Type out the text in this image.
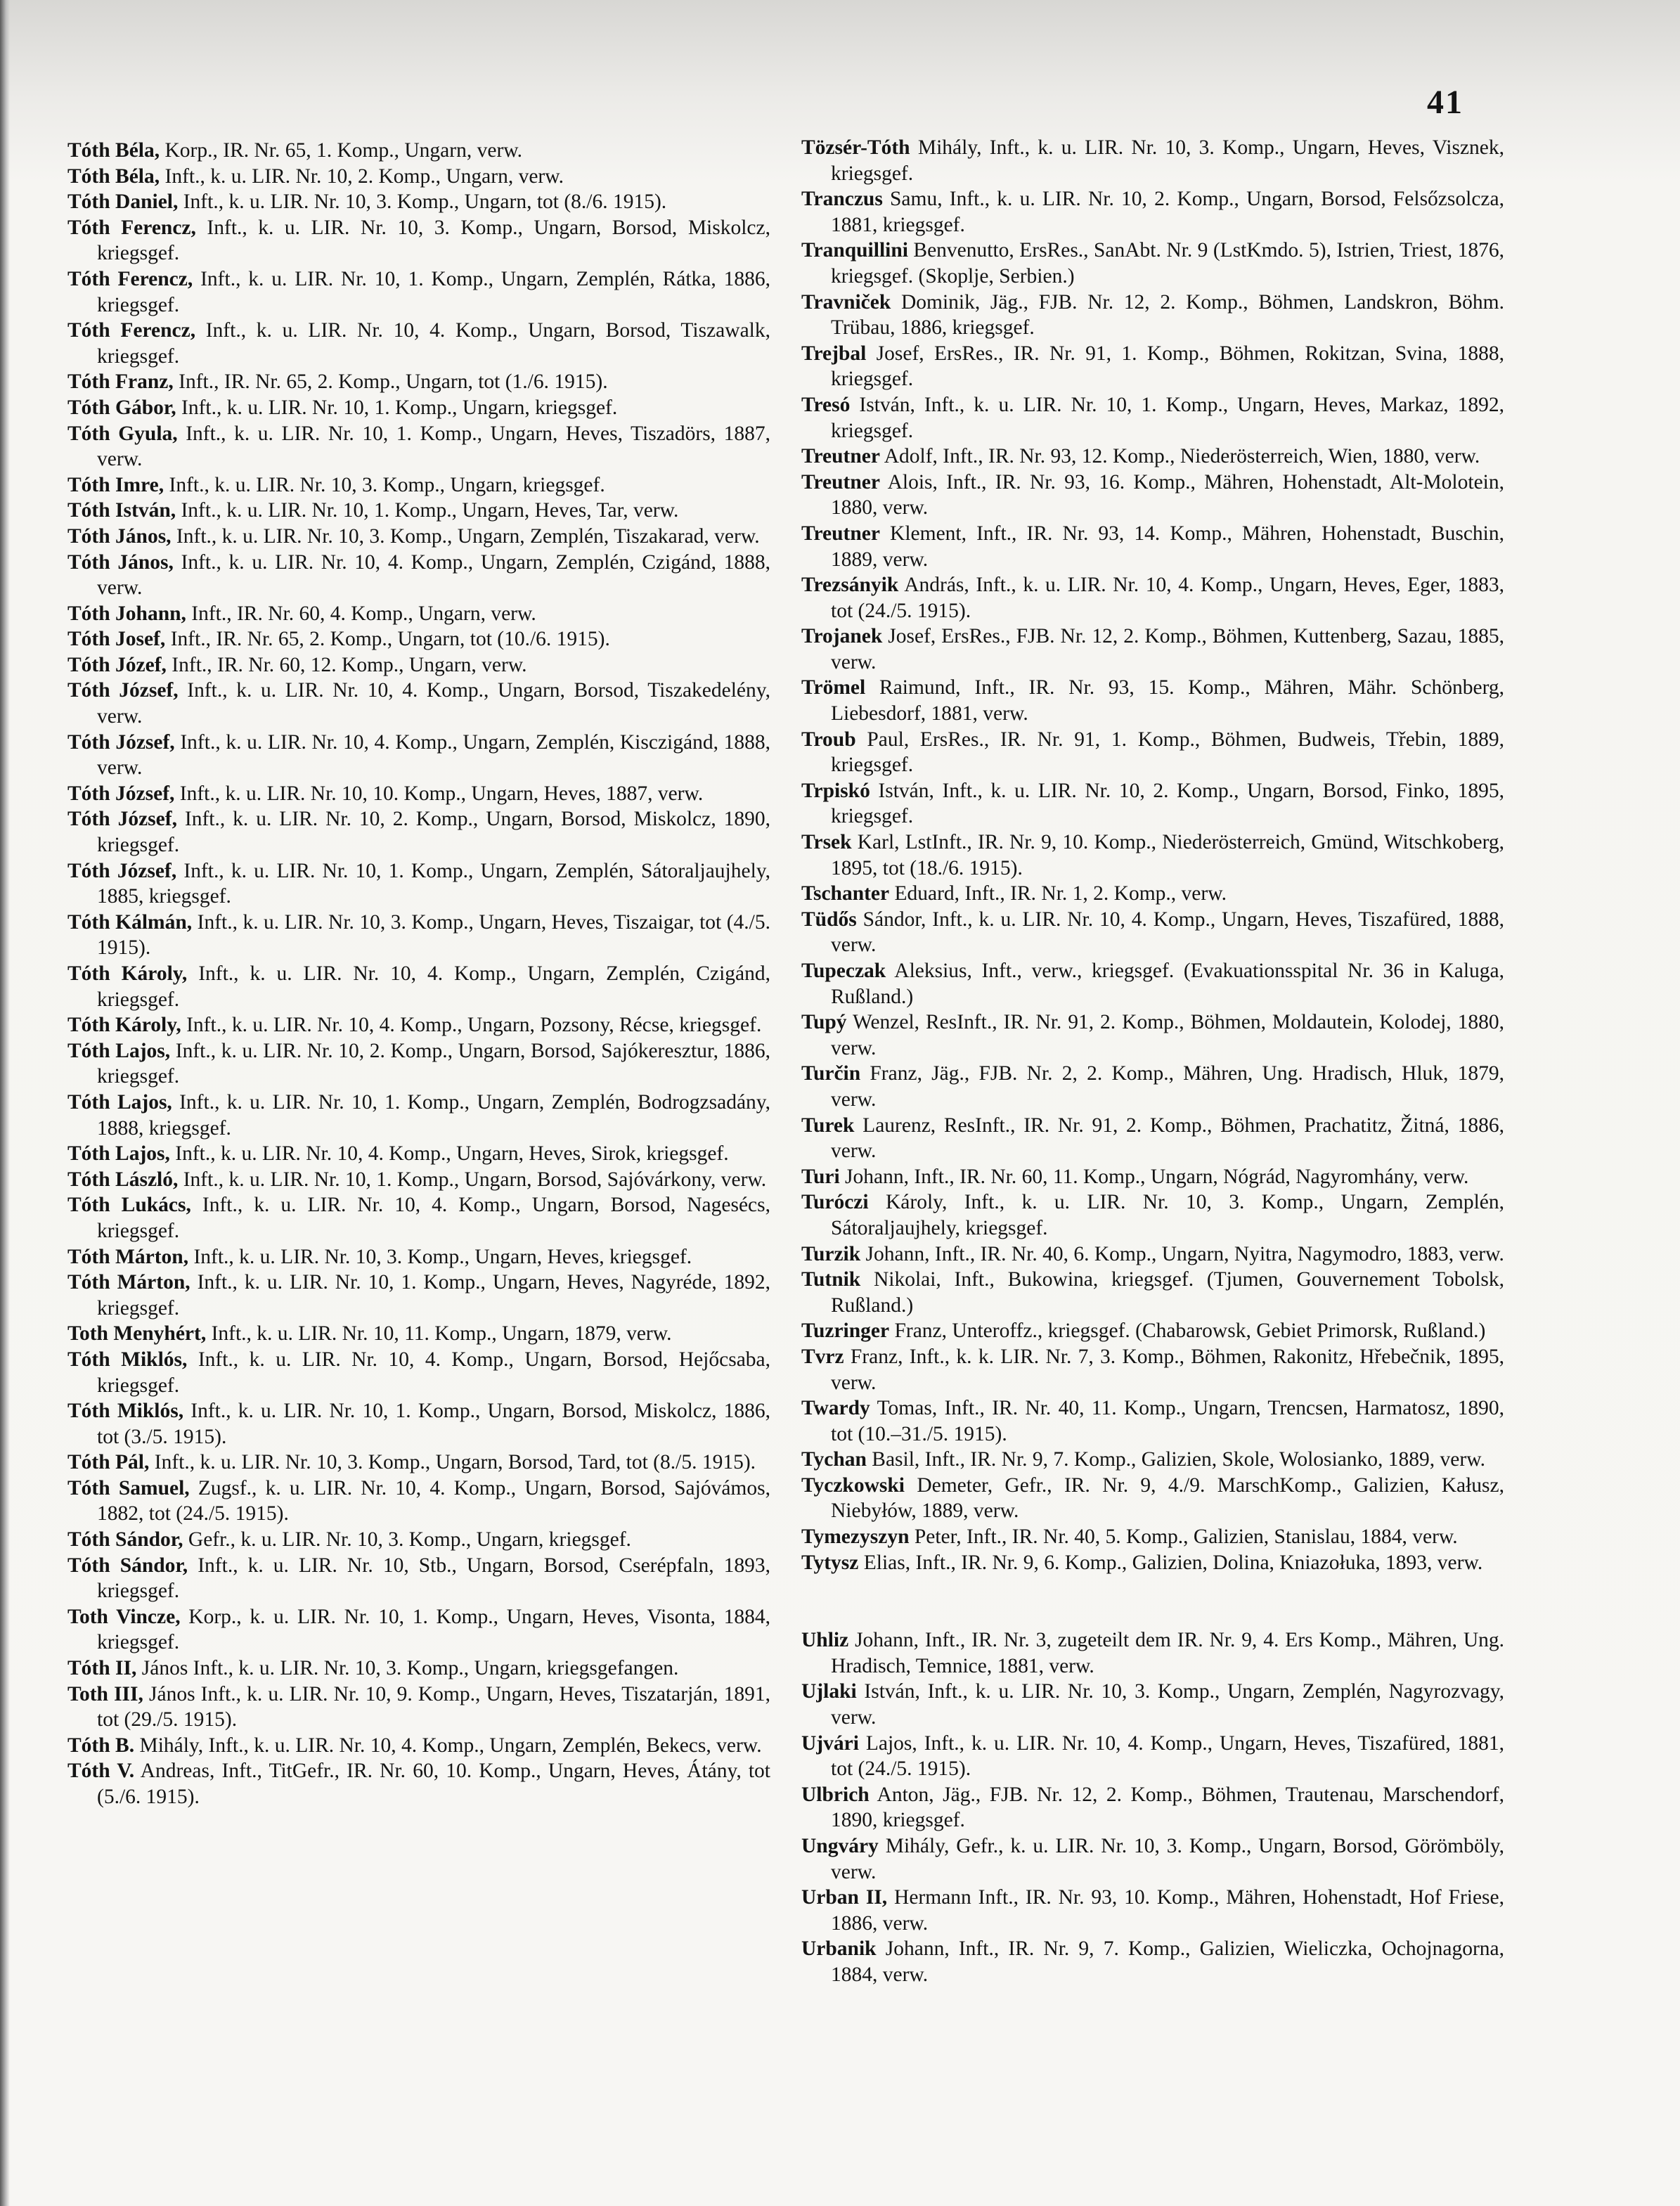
41

Tóth Béla, Korp., IR. Nr. 65, 1. Komp., Ungarn, verw.

Tóth Béla, Inft., k. u. LIR. Nr. 10, 2. Komp., Ungarn, verw.

Tóth Daniel, Inft., k. u. LIR. Nr. 10, 3. Komp., Ungarn, tot (8./6. 1915).

Tóth Ferencz, Inft., k. u. LIR. Nr. 10, 3. Komp., Ungarn, Borsod, Miskolcz, kriegsgef.

Tóth Ferencz, Inft., k. u. LIR. Nr. 10, 1. Komp., Ungarn, Zemplén, Rátka, 1886, kriegsgef.

Tóth Ferencz, Inft., k. u. LIR. Nr. 10, 4. Komp., Ungarn, Borsod, Tiszawalk, kriegsgef.

Tóth Franz, Inft., IR. Nr. 65, 2. Komp., Ungarn, tot (1./6. 1915).

Tóth Gábor, Inft., k. u. LIR. Nr. 10, 1. Komp., Ungarn, kriegsgef.

Tóth Gyula, Inft., k. u. LIR. Nr. 10, 1. Komp., Ungarn, Heves, Tiszadörs, 1887, verw.

Tóth Imre, Inft., k. u. LIR. Nr. 10, 3. Komp., Ungarn, kriegsgef.

Tóth István, Inft., k. u. LIR. Nr. 10, 1. Komp., Ungarn, Heves, Tar, verw.

Tóth János, Inft., k. u. LIR. Nr. 10, 3. Komp., Ungarn, Zemplén, Tiszakarad, verw.

Tóth János, Inft., k. u. LIR. Nr. 10, 4. Komp., Ungarn, Zemplén, Czigánd, 1888, verw.

Tóth Johann, Inft., IR. Nr. 60, 4. Komp., Ungarn, verw.

Tóth Josef, Inft., IR. Nr. 65, 2. Komp., Ungarn, tot (10./6. 1915).

Tóth Józef, Inft., IR. Nr. 60, 12. Komp., Ungarn, verw.

Tóth József, Inft., k. u. LIR. Nr. 10, 4. Komp., Ungarn, Borsod, Tiszakedelény, verw.

Tóth József, Inft., k. u. LIR. Nr. 10, 4. Komp., Ungarn, Zemplén, Kisczigánd, 1888, verw.

Tóth József, Inft., k. u. LIR. Nr. 10, 10. Komp., Ungarn, Heves, 1887, verw.

Tóth József, Inft., k. u. LIR. Nr. 10, 2. Komp., Ungarn, Borsod, Miskolcz, 1890, kriegsgef.

Tóth József, Inft., k. u. LIR. Nr. 10, 1. Komp., Ungarn, Zemplén, Sátoraljaujhely, 1885, kriegsgef.

Tóth Kálmán, Inft., k. u. LIR. Nr. 10, 3. Komp., Ungarn, Heves, Tiszaigar, tot (4./5. 1915).

Tóth Károly, Inft., k. u. LIR. Nr. 10, 4. Komp., Ungarn, Zemplén, Czigánd, kriegsgef.

Tóth Károly, Inft., k. u. LIR. Nr. 10, 4. Komp., Ungarn, Pozsony, Récse, kriegsgef.

Tóth Lajos, Inft., k. u. LIR. Nr. 10, 2. Komp., Ungarn, Borsod, Sajókeresztur, 1886, kriegsgef.

Tóth Lajos, Inft., k. u. LIR. Nr. 10, 1. Komp., Ungarn, Zemplén, Bodrogzsadány, 1888, kriegsgef.

Tóth Lajos, Inft., k. u. LIR. Nr. 10, 4. Komp., Ungarn, Heves, Sirok, kriegsgef.

Tóth László, Inft., k. u. LIR. Nr. 10, 1. Komp., Ungarn, Borsod, Sajóvárkony, verw.

Tóth Lukács, Inft., k. u. LIR. Nr. 10, 4. Komp., Ungarn, Borsod, Nagesécs, kriegsgef.

Tóth Márton, Inft., k. u. LIR. Nr. 10, 3. Komp., Ungarn, Heves, kriegsgef.

Tóth Márton, Inft., k. u. LIR. Nr. 10, 1. Komp., Ungarn, Heves, Nagyréde, 1892, kriegsgef.

Toth Menyhért, Inft., k. u. LIR. Nr. 10, 11. Komp., Ungarn, 1879, verw.

Tóth Miklós, Inft., k. u. LIR. Nr. 10, 4. Komp., Ungarn, Borsod, Hejőcsaba, kriegsgef.

Tóth Miklós, Inft., k. u. LIR. Nr. 10, 1. Komp., Ungarn, Borsod, Miskolcz, 1886, tot (3./5. 1915).

Tóth Pál, Inft., k. u. LIR. Nr. 10, 3. Komp., Ungarn, Borsod, Tard, tot (8./5. 1915).

Tóth Samuel, Zugsf., k. u. LIR. Nr. 10, 4. Komp., Ungarn, Borsod, Sajóvámos, 1882, tot (24./5. 1915).

Tóth Sándor, Gefr., k. u. LIR. Nr. 10, 3. Komp., Ungarn, kriegsgef.

Tóth Sándor, Inft., k. u. LIR. Nr. 10, Stb., Ungarn, Borsod, Cserépfaln, 1893, kriegsgef.

Toth Vincze, Korp., k. u. LIR. Nr. 10, 1. Komp., Ungarn, Heves, Visonta, 1884, kriegsgef.

Tóth II, János Inft., k. u. LIR. Nr. 10, 3. Komp., Ungarn, kriegsgefangen.

Toth III, János Inft., k. u. LIR. Nr. 10, 9. Komp., Ungarn, Heves, Tiszatarján, 1891, tot (29./5. 1915).

Tóth B. Mihály, Inft., k. u. LIR. Nr. 10, 4. Komp., Ungarn, Zemplén, Bekecs, verw.

Tóth V. Andreas, Inft., TitGefr., IR. Nr. 60, 10. Komp., Ungarn, Heves, Átány, tot (5./6. 1915).

Tözsér-Tóth Mihály, Inft., k. u. LIR. Nr. 10, 3. Komp., Ungarn, Heves, Visznek, kriegsgef.

Tranczus Samu, Inft., k. u. LIR. Nr. 10, 2. Komp., Ungarn, Borsod, Felsőzsolcza, 1881, kriegsgef.

Tranquillini Benvenutto, ErsRes., SanAbt. Nr. 9 (LstKmdo. 5), Istrien, Triest, 1876, kriegsgef. (Skoplje, Serbien.)

Travniček Dominik, Jäg., FJB. Nr. 12, 2. Komp., Böhmen, Landskron, Böhm. Trübau, 1886, kriegsgef.

Trejbal Josef, ErsRes., IR. Nr. 91, 1. Komp., Böhmen, Rokitzan, Svina, 1888, kriegsgef.

Tresó István, Inft., k. u. LIR. Nr. 10, 1. Komp., Ungarn, Heves, Markaz, 1892, kriegsgef.

Treutner Adolf, Inft., IR. Nr. 93, 12. Komp., Niederösterreich, Wien, 1880, verw.

Treutner Alois, Inft., IR. Nr. 93, 16. Komp., Mähren, Hohenstadt, Alt-Molotein, 1880, verw.

Treutner Klement, Inft., IR. Nr. 93, 14. Komp., Mähren, Hohenstadt, Buschin, 1889, verw.

Trezsányik András, Inft., k. u. LIR. Nr. 10, 4. Komp., Ungarn, Heves, Eger, 1883, tot (24./5. 1915).

Trojanek Josef, ErsRes., FJB. Nr. 12, 2. Komp., Böhmen, Kuttenberg, Sazau, 1885, verw.

Trömel Raimund, Inft., IR. Nr. 93, 15. Komp., Mähren, Mähr. Schönberg, Liebesdorf, 1881, verw.

Troub Paul, ErsRes., IR. Nr. 91, 1. Komp., Böhmen, Budweis, Třebin, 1889, kriegsgef.

Trpiskó István, Inft., k. u. LIR. Nr. 10, 2. Komp., Ungarn, Borsod, Finko, 1895, kriegsgef.

Trsek Karl, LstInft., IR. Nr. 9, 10. Komp., Niederösterreich, Gmünd, Witschkoberg, 1895, tot (18./6. 1915).

Tschanter Eduard, Inft., IR. Nr. 1, 2. Komp., verw.

Tüdős Sándor, Inft., k. u. LIR. Nr. 10, 4. Komp., Ungarn, Heves, Tiszafüred, 1888, verw.

Tupeczak Aleksius, Inft., verw., kriegsgef. (Evakuationsspital Nr. 36 in Kaluga, Rußland.)

Tupý Wenzel, ResInft., IR. Nr. 91, 2. Komp., Böhmen, Moldautein, Kolodej, 1880, verw.

Turčin Franz, Jäg., FJB. Nr. 2, 2. Komp., Mähren, Ung. Hradisch, Hluk, 1879, verw.

Turek Laurenz, ResInft., IR. Nr. 91, 2. Komp., Böhmen, Prachatitz, Žitná, 1886, verw.

Turi Johann, Inft., IR. Nr. 60, 11. Komp., Ungarn, Nógrád, Nagyromhány, verw.

Turóczi Károly, Inft., k. u. LIR. Nr. 10, 3. Komp., Ungarn, Zemplén, Sátoraljaujhely, kriegsgef.

Turzik Johann, Inft., IR. Nr. 40, 6. Komp., Ungarn, Nyitra, Nagymodro, 1883, verw.

Tutnik Nikolai, Inft., Bukowina, kriegsgef. (Tjumen, Gouvernement Tobolsk, Rußland.)

Tuzringer Franz, Unteroffz., kriegsgef. (Chabarowsk, Gebiet Primorsk, Rußland.)

Tvrz Franz, Inft., k. k. LIR. Nr. 7, 3. Komp., Böhmen, Rakonitz, Hřebečnik, 1895, verw.

Twardy Tomas, Inft., IR. Nr. 40, 11. Komp., Ungarn, Trencsen, Harmatosz, 1890, tot (10.–31./5. 1915).

Tychan Basil, Inft., IR. Nr. 9, 7. Komp., Galizien, Skole, Wolosianko, 1889, verw.

Tyczkowski Demeter, Gefr., IR. Nr. 9, 4./9. MarschKomp., Galizien, Kałusz, Niebyłów, 1889, verw.

Tymezyszyn Peter, Inft., IR. Nr. 40, 5. Komp., Galizien, Stanislau, 1884, verw.

Tytysz Elias, Inft., IR. Nr. 9, 6. Komp., Galizien, Dolina, Kniazołuka, 1893, verw.

Uhliz Johann, Inft., IR. Nr. 3, zugeteilt dem IR. Nr. 9, 4. Ers Komp., Mähren, Ung. Hradisch, Temnice, 1881, verw.

Ujlaki István, Inft., k. u. LIR. Nr. 10, 3. Komp., Ungarn, Zemplén, Nagyrozvagy, verw.

Ujvári Lajos, Inft., k. u. LIR. Nr. 10, 4. Komp., Ungarn, Heves, Tiszafüred, 1881, tot (24./5. 1915).

Ulbrich Anton, Jäg., FJB. Nr. 12, 2. Komp., Böhmen, Trautenau, Marschendorf, 1890, kriegsgef.

Ungváry Mihály, Gefr., k. u. LIR. Nr. 10, 3. Komp., Ungarn, Borsod, Görömböly, verw.

Urban II, Hermann Inft., IR. Nr. 93, 10. Komp., Mähren, Hohenstadt, Hof Friese, 1886, verw.

Urbanik Johann, Inft., IR. Nr. 9, 7. Komp., Galizien, Wieliczka, Ochojnagorna, 1884, verw.
